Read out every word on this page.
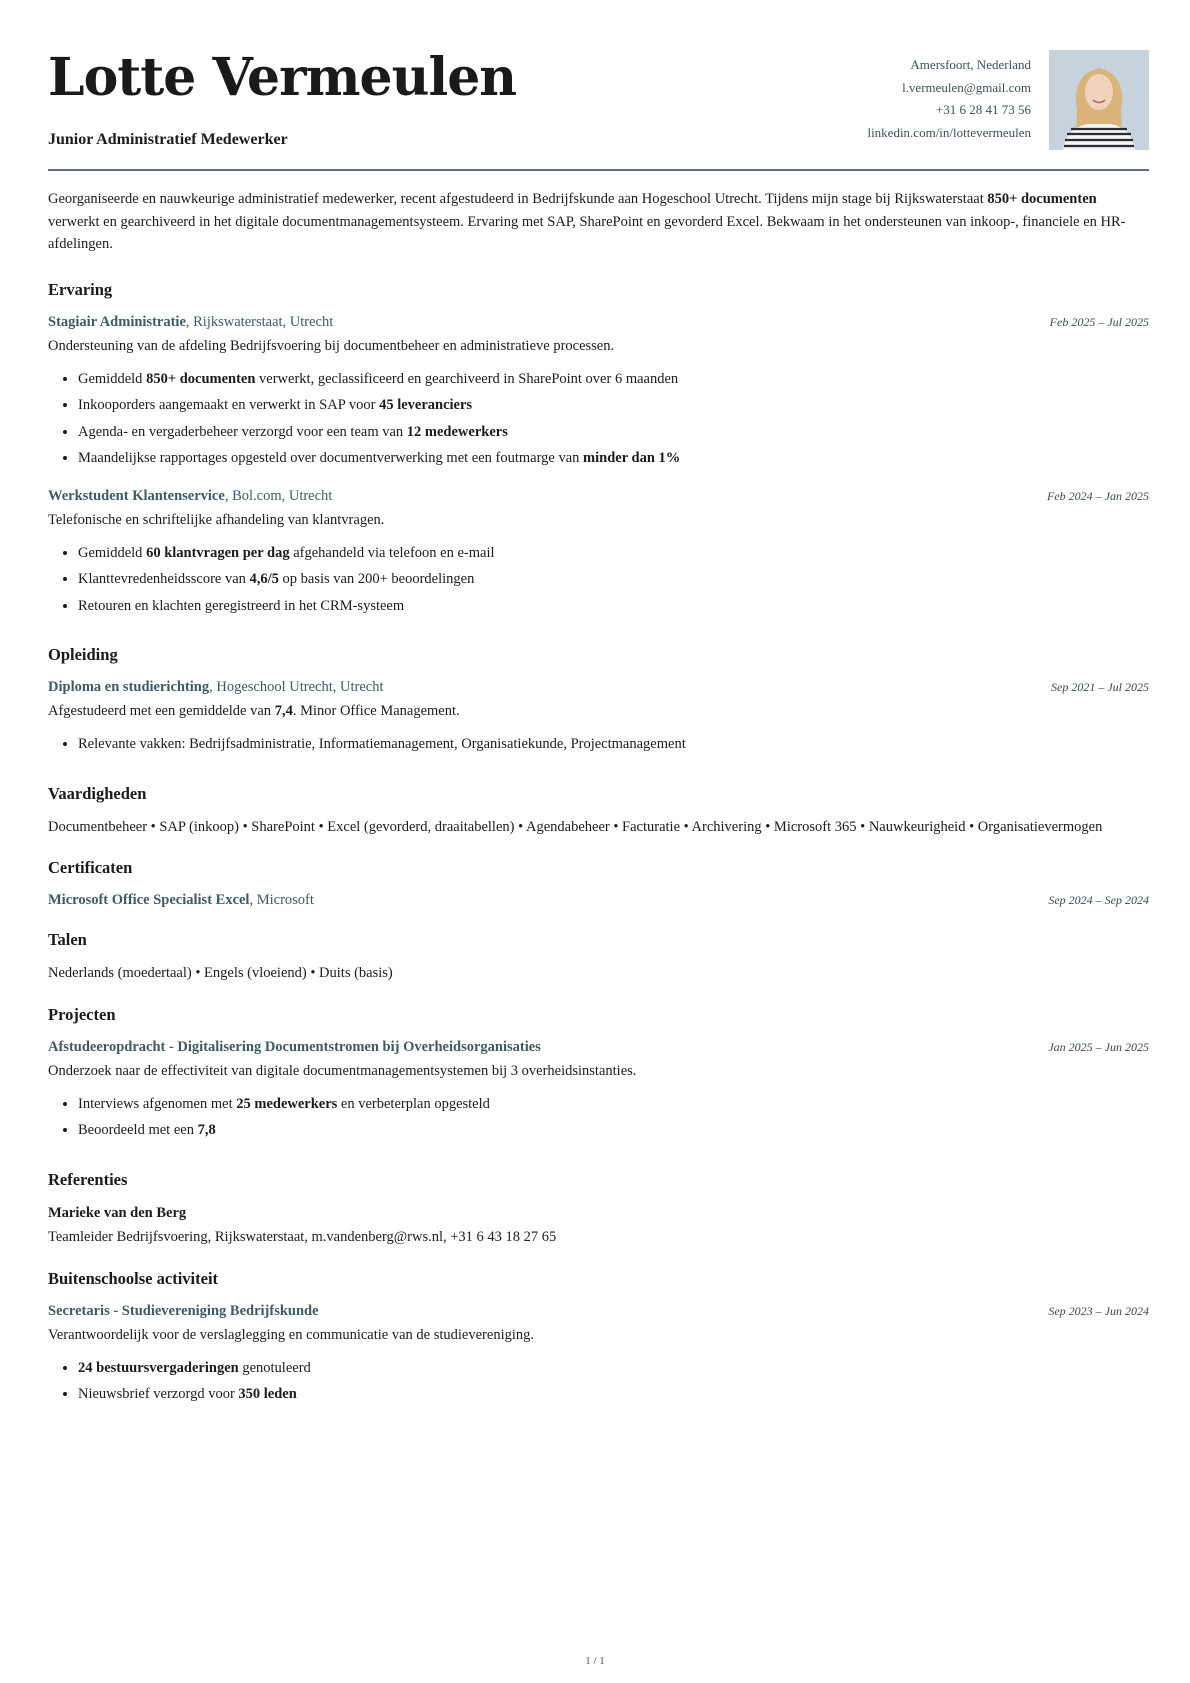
Lotte Vermeulen
Junior Administratief Medewerker
Amersfoort, Nederland
l.vermeulen@gmail.com
+31 6 28 41 73 56
linkedin.com/in/lottevermeulen
Georganiseerde en nauwkeurige administratief medewerker, recent afgestudeerd in Bedrijfskunde aan Hogeschool Utrecht. Tijdens mijn stage bij Rijkswaterstaat 850+ documenten verwerkt en gearchiveerd in het digitale documentmanagementsysteem. Ervaring met SAP, SharePoint en gevorderd Excel. Bekwaam in het ondersteunen van inkoop-, financiele en HR-afdelingen.
Ervaring
Stagiair Administratie, Rijkswaterstaat, Utrecht	Feb 2025 – Jul 2025
Ondersteuning van de afdeling Bedrijfsvoering bij documentbeheer en administratieve processen.
• Gemiddeld 850+ documenten verwerkt, geclassificeerd en gearchiveerd in SharePoint over 6 maanden
• Inkooporders aangemaakt en verwerkt in SAP voor 45 leveranciers
• Agenda- en vergaderbeheer verzorgd voor een team van 12 medewerkers
• Maandelijkse rapportages opgesteld over documentverwerking met een foutmarge van minder dan 1%
Werkstudent Klantenservice, Bol.com, Utrecht	Feb 2024 – Jan 2025
Telefonische en schriftelijke afhandeling van klantvragen.
• Gemiddeld 60 klantvragen per dag afgehandeld via telefoon en e-mail
• Klanttevredenheidsscore van 4,6/5 op basis van 200+ beoordelingen
• Retouren en klachten geregistreerd in het CRM-systeem
Opleiding
Diploma en studierichting, Hogeschool Utrecht, Utrecht	Sep 2021 – Jul 2025
Afgestudeerd met een gemiddelde van 7,4. Minor Office Management.
• Relevante vakken: Bedrijfsadministratie, Informatiemanagement, Organisatiekunde, Projectmanagement
Vaardigheden
Documentbeheer • SAP (inkoop) • SharePoint • Excel (gevorderd, draaitabellen) • Agendabeheer • Facturatie • Archivering • Microsoft 365 • Nauwkeurigheid • Organisatievermogen
Certificaten
Microsoft Office Specialist Excel, Microsoft	Sep 2024 – Sep 2024
Talen
Nederlands (moedertaal) • Engels (vloeiend) • Duits (basis)
Projecten
Afstudeeropdracht - Digitalisering Documentstromen bij Overheidsorganisaties	Jan 2025 – Jun 2025
Onderzoek naar de effectiviteit van digitale documentmanagementsystemen bij 3 overheidsinstanties.
• Interviews afgenomen met 25 medewerkers en verbeterplan opgesteld
• Beoordeeld met een 7,8
Referenties
Marieke van den Berg
Teamleider Bedrijfsvoering, Rijkswaterstaat, m.vandenberg@rws.nl, +31 6 43 18 27 65
Buitenschoolse activiteit
Secretaris - Studievereniging Bedrijfskunde	Sep 2023 – Jun 2024
Verantwoordelijk voor de verslaglegging en communicatie van de studievereniging.
• 24 bestuursvergaderingen genotuleerd
• Nieuwsbrief verzorgd voor 350 leden
1 / 1
